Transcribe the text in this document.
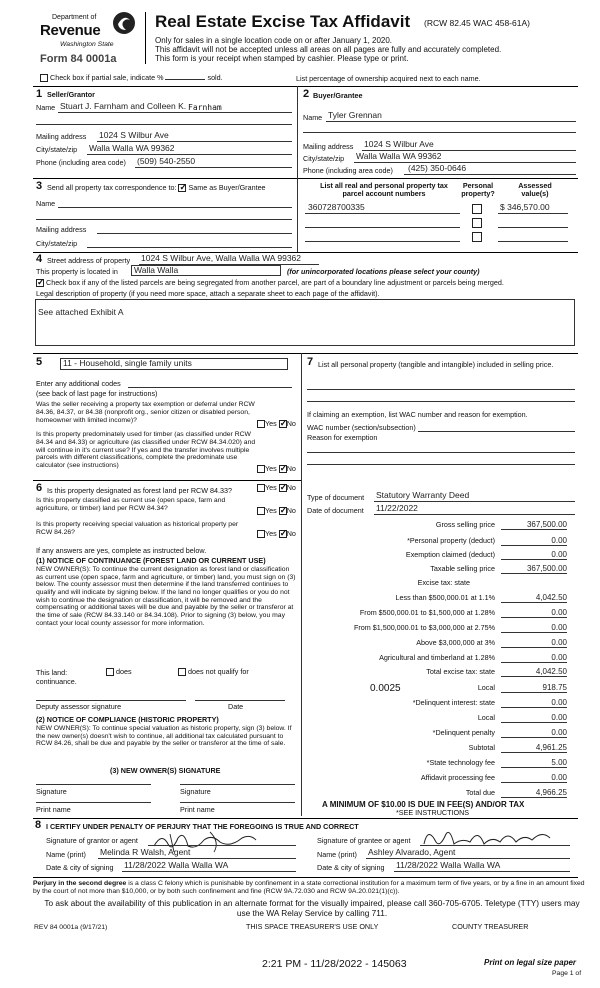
Department of
Revenue
Washington State
Form 84 0001a
Real Estate Excise Tax Affidavit (RCW 82.45 WAC 458-61A)
Only for sales in a single location code on or after January 1, 2020.
This affidavit will not be accepted unless all areas on all pages are fully and accurately completed.
This form is your receipt when stamped by cashier. Please type or print.
Check box if partial sale, indicate %	sold.	List percentage of ownership acquired next to each name.
1 Seller/Grantor
Name Stuart J. Farnham and Colleen K. Farnham
Mailing address 1024 S Wilbur Ave
City/state/zip Walla Walla WA 99362
Phone (including area code) (509) 540-2550
2 Buyer/Grantee
Name Tyler Grennan
Mailing address 1024 S Wilbur Ave
City/state/zip Walla Walla WA 99362
Phone (including area code) (425) 350-0646
3 Send all property tax correspondence to: ✓ Same as Buyer/Grantee
Name
Mailing address
City/state/zip
List all real and personal property tax parcel account numbers
Personal property?
Assessed value(s)
360728700335	$ 346,570.00
4 Street address of property 1024 S Wilbur Ave, Walla Walla WA 99362
This property is located in	Walla Walla	(for unincorporated locations please select your county)
✓ Check box if any of the listed parcels are being segregated from another parcel, are part of a boundary line adjustment or parcels being merged.
Legal description of property (if you need more space, attach a separate sheet to each page of the affidavit).
See attached Exhibit A
5	11 - Household, single family units
Enter any additional codes
(see back of last page for instructions)
Was the seller receiving a property tax exemption or deferral under RCW 84.36, 84.37, or 84.38 (nonprofit org., senior citizen or disabled person, homeowner with limited income)?	Yes ✓ No
Is this property predominately used for timber (as classified under RCW 84.34 and 84.33) or agriculture (as classified under RCW 84.34.020) and will continue in it's current use? If yes and the transfer involves multiple parcels with different classifications, complete the predominate use calculator (see instructions)	Yes ✓ No
6 Is this property designated as forest land per RCW 84.33?	Yes ✓ No
Is this property classified as current use (open space, farm and agriculture, or timber) land per RCW 84.34?	Yes ✓ No
Is this property receiving special valuation as historical property per RCW 84.26?	Yes ✓ No
If any answers are yes, complete as instructed below.
(1) NOTICE OF CONTINUANCE (FOREST LAND OR CURRENT USE)
NEW OWNER(S): To continue the current designation as forest land or classification as current use (open space, farm and agriculture, or timber) land, you must sign on (3) below. The county assessor must then determine if the land transferred continues to qualify and will indicate by signing below. If the land no longer qualifies or you do not wish to continue the designation or classification, it will be removed and the compensating or additional taxes will be due and payable by the seller or transferor at the time of sale (RCW 84.33.140 or 84.34.108). Prior to signing (3) below, you may contact your local county assessor for more information.
This land:	does	does not qualify for
continuance.
Deputy assessor signature	Date
(2) NOTICE OF COMPLIANCE (HISTORIC PROPERTY)
NEW OWNER(S): To continue special valuation as historic property, sign (3) below. If the new owner(s) doesn't wish to continue, all additional tax calculated pursuant to RCW 84.26, shall be due and payable by the seller or transferor at the time of sale.
(3) NEW OWNER(S) SIGNATURE
Signature	Signature
Print name	Print name
7 List all personal property (tangible and intangible) included in selling price.
If claiming an exemption, list WAC number and reason for exemption.
WAC number (section/subsection)
Reason for exemption
Type of document Statutory Warranty Deed
Date of document 11/22/2022
Gross selling price	367,500.00
*Personal property (deduct)	0.00
Exemption claimed (deduct)	0.00
Taxable selling price	367,500.00
Excise tax: state
Less than $500,000.01 at 1.1%	4,042.50
From $500,000.01 to $1,500,000 at 1.28%	0.00
From $1,500,000.01 to $3,000,000 at 2.75%	0.00
Above $3,000,000 at 3%	0.00
Agricultural and timberland at 1.28%	0.00
Total excise tax: state	4,042.50
0.0025	Local	918.75
*Delinquent interest: state	0.00
Local	0.00
*Delinquent penalty	0.00
Subtotal	4,961.25
*State technology fee	5.00
Affidavit processing fee	0.00
Total due	4,966.25
A MINIMUM OF $10.00 IS DUE IN FEE(S) AND/OR TAX
*SEE INSTRUCTIONS
8 I CERTIFY UNDER PENALTY OF PERJURY THAT THE FOREGOING IS TRUE AND CORRECT
Signature of grantor or agent
Name (print) Melinda R Walsh, Agent
Date & city of signing 11/28/2022 Walla Walla WA
Signature of grantee or agent
Name (print) Ashley Alvarado, Agent
Date & city of signing 11/28/2022 Walla Walla WA
Perjury in the second degree is a class C felony which is punishable by confinement in a state correctional institution for a maximum term of five years, or by a fine in an amount fixed by the court of not more than $10,000, or by both such confinement and fine (RCW 9A.72.030 and RCW 9A.20.021(1)(c)).
To ask about the availability of this publication in an alternate format for the visually impaired, please call 360-705-6705. Teletype (TTY) users may use the WA Relay Service by calling 711.
REV 84 0001a (9/17/21)	THIS SPACE TREASURER'S USE ONLY	COUNTY TREASURER
2:21 PM - 11/28/2022 - 145063	Print on legal size paper
Page 1 of
